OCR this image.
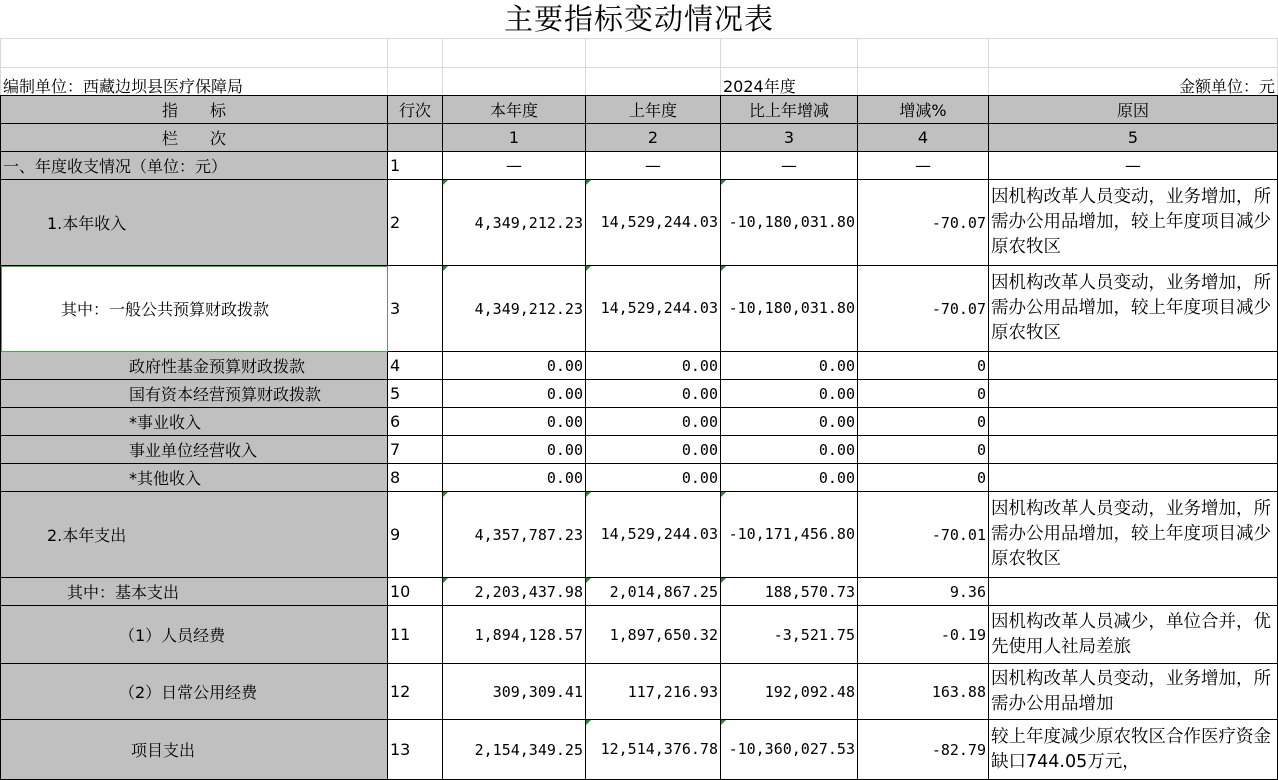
编制单位：西藏边坝县医疗保障局				2024年度		金额单位：元
主要指标变动情况表
指　　标	行次	本年度	上年度	比上年增减	增减%	原因
栏　　次		1	2	3	4	5
一、年度收支情况（单位：元）	1	—	—	—	—	—
1.本年收入	2	4,349,212.23	14,529,244.03	-10,180,031.80	-70.07	因机构改革人员变动，业务增加，所需办公用品增加，较上年度项目减少原农牧区
其中：一般公共预算财政拨款	3	4,349,212.23	14,529,244.03	-10,180,031.80	-70.07	因机构改革人员变动，业务增加，所需办公用品增加，较上年度项目减少原农牧区
政府性基金预算财政拨款	4	0.00	0.00	0.00	0	
国有资本经营预算财政拨款	5	0.00	0.00	0.00	0	
*事业收入	6	0.00	0.00	0.00	0	
事业单位经营收入	7	0.00	0.00	0.00	0	
*其他收入	8	0.00	0.00	0.00	0	
2.本年支出	9	4,357,787.23	14,529,244.03	-10,171,456.80	-70.01	因机构改革人员变动，业务增加，所需办公用品增加，较上年度项目减少原农牧区
其中：基本支出	10	2,203,437.98	2,014,867.25	188,570.73	9.36	
（1）人员经费	11	1,894,128.57	1,897,650.32	-3,521.75	-0.19	因机构改革人员减少，单位合并，优先使用人社局差旅
（2）日常公用经费	12	309,309.41	117,216.93	192,092.48	163.88	因机构改革人员变动，业务增加，所需办公用品增加
项目支出	13	2,154,349.25	12,514,376.78	-10,360,027.53	-82.79	较上年度减少原农牧区合作医疗资金缺口744.05万元，
